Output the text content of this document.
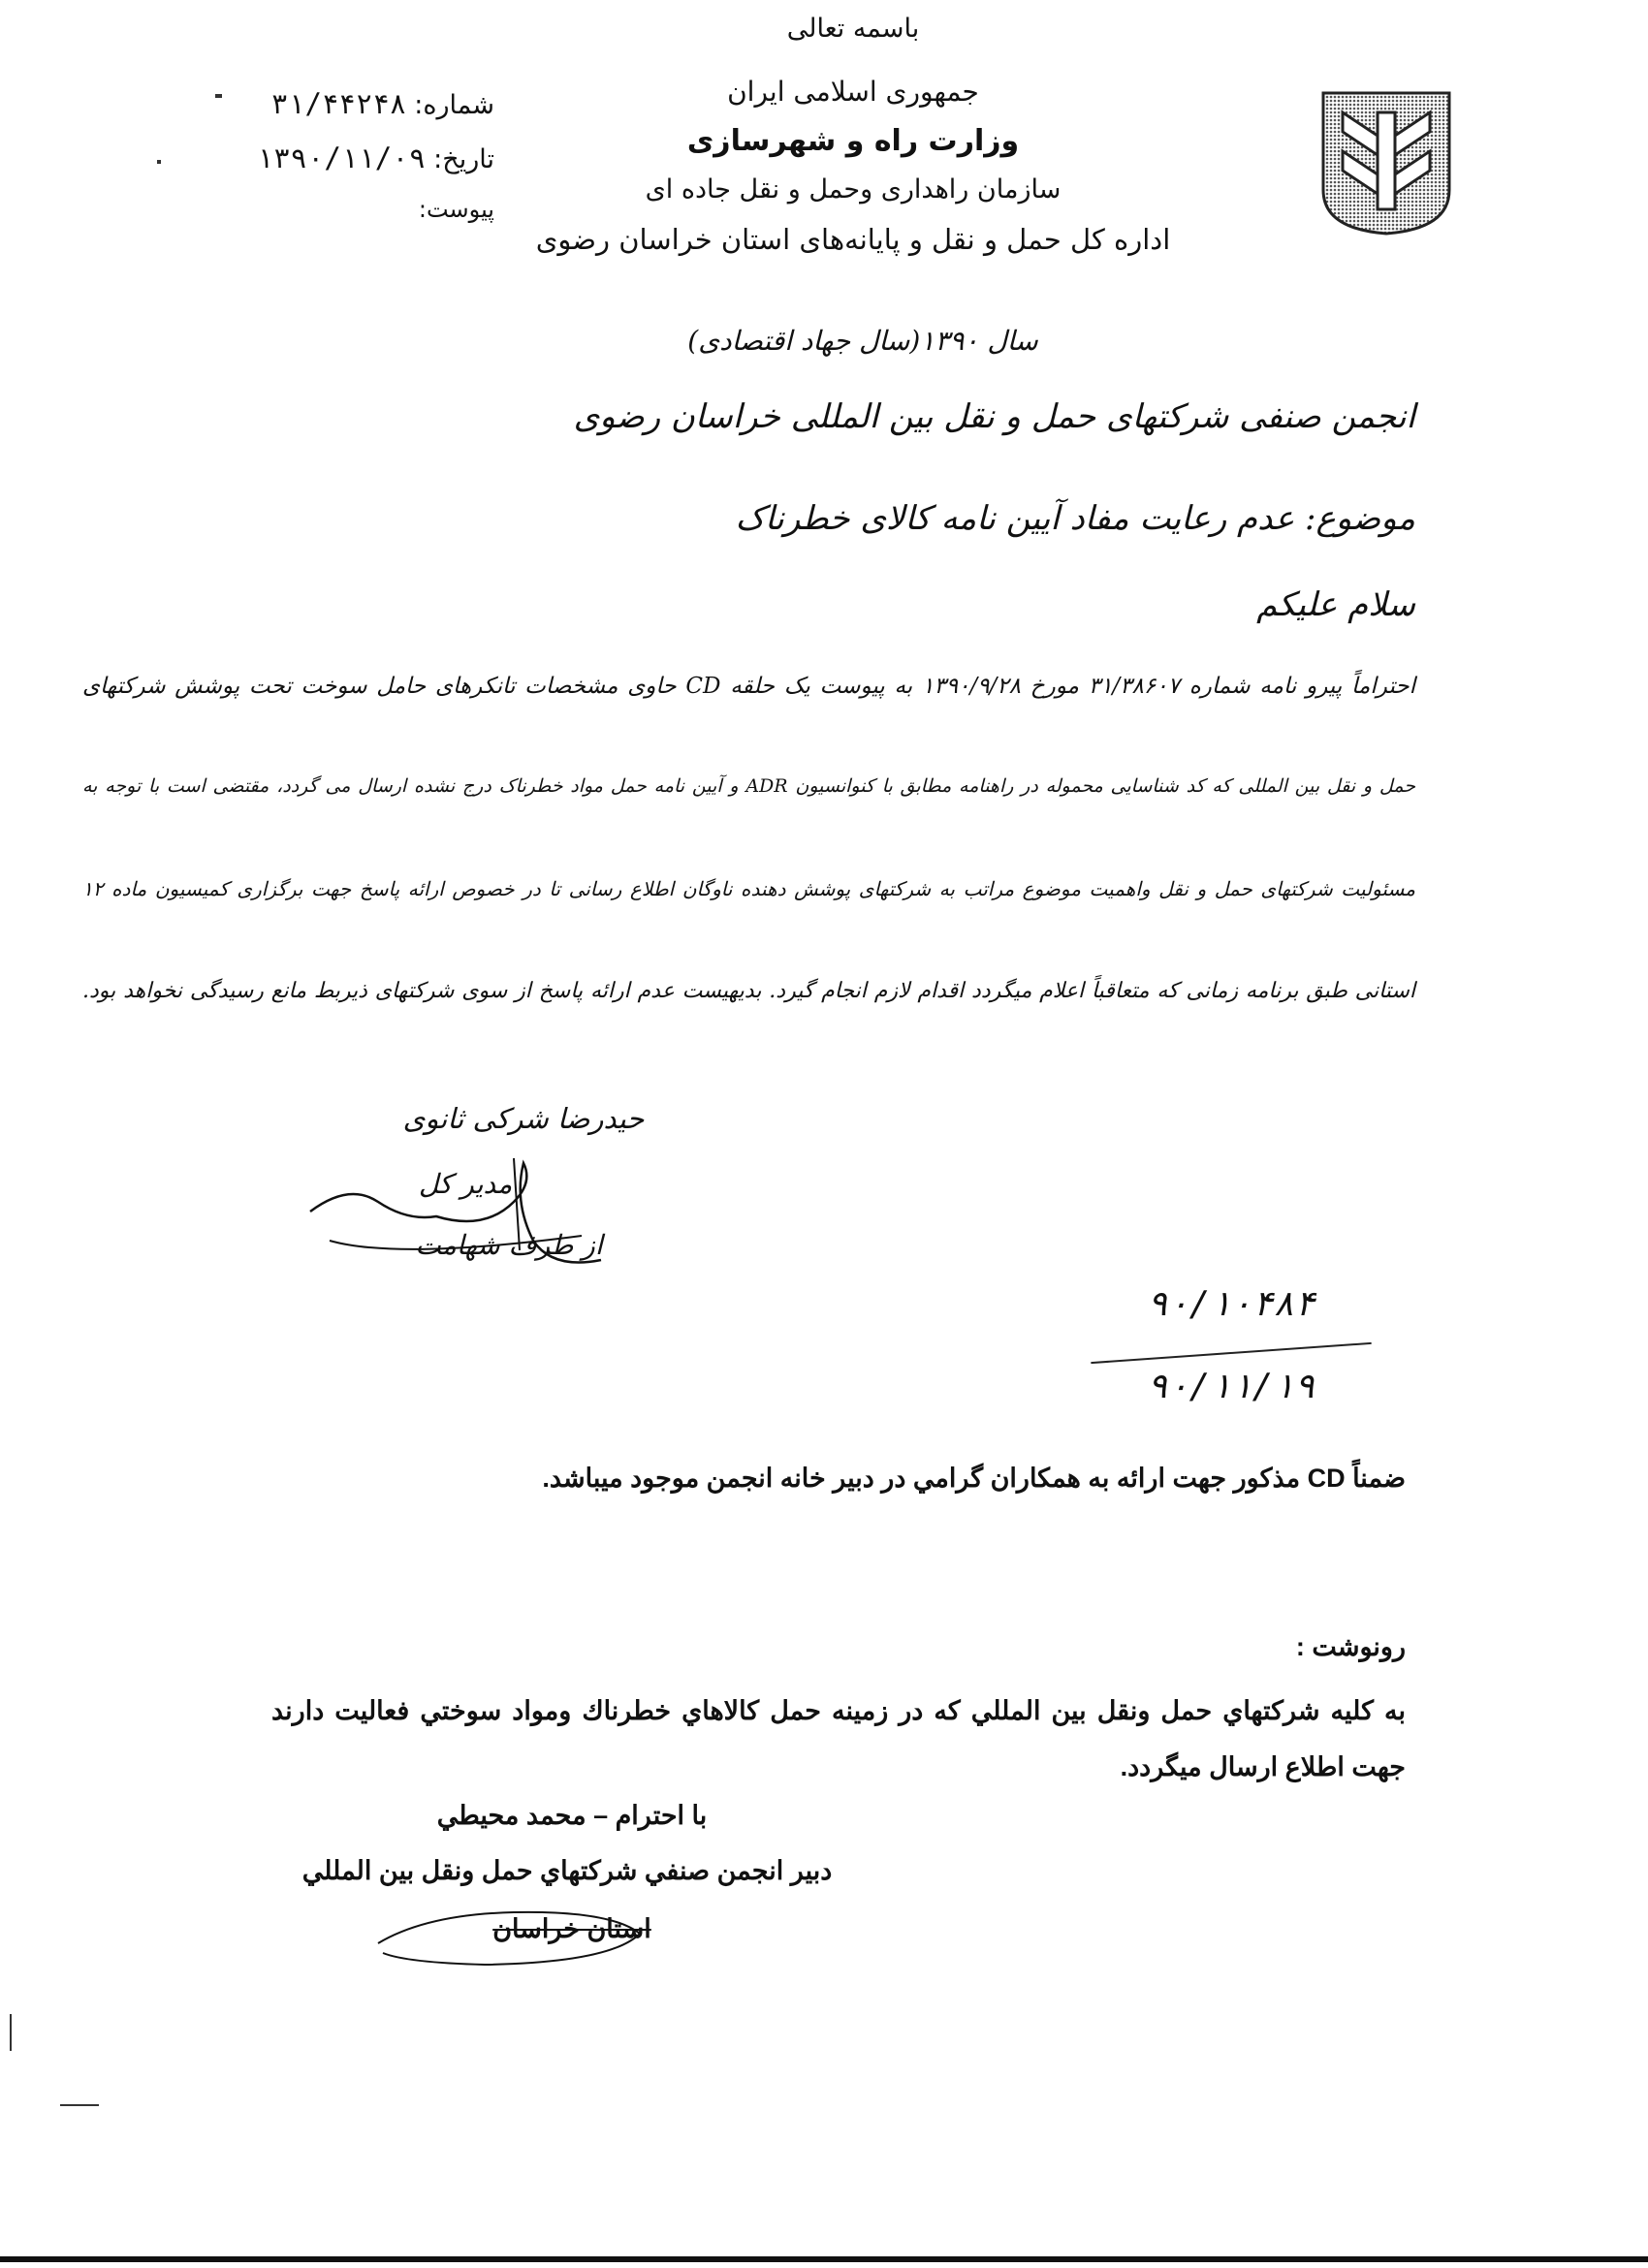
باسمه تعالی
جمهوری اسلامی ایران
وزارت راه و شهرسازی
سازمان راهداری وحمل و نقل جاده ای
اداره کل حمل و نقل و پایانه‌های استان خراسان رضوی
شماره:۳۱/۴۴۲۴۸
تاریخ:۱۳۹۰/۱۱/۰۹
پیوست:
سال ۱۳۹۰(سال جهاد اقتصادی)
انجمن صنفی شرکتهای حمل و نقل بین المللی خراسان رضوی
موضوع: عدم رعایت مفاد آیین نامه کالای خطرناک
سلام علیکم
احتراماً پیرو نامه شماره ۳۱/۳۸۶۰۷ مورخ ۱۳۹۰/۹/۲۸ به پیوست یک حلقه CD حاوی مشخصات تانکرهای حامل سوخت تحت پوشش شرکتهای
حمل و نقل بین المللی که کد شناسایی محموله در راهنامه مطابق با کنوانسیون ADR و آیین نامه حمل مواد خطرناک درج نشده ارسال می گردد، مقتضی است با توجه به
مسئولیت شرکتهای حمل و نقل واهمیت موضوع مراتب به شرکتهای پوشش دهنده ناوگان اطلاع رسانی تا در خصوص ارائه پاسخ جهت برگزاری کمیسیون ماده ۱۲
استانی طبق برنامه زمانی که متعاقباً اعلام میگردد اقدام لازم انجام گیرد. بدیهیست عدم ارائه پاسخ از سوی شرکتهای ذیربط مانع رسیدگی نخواهد بود.
حیدرضا شرکی ثانوی
مدیر کل
از طرف شهامت
۹۰/۱۰۴۸۴
۹۰/۱۱/۱۹
ضمناً CD مذکور جهت ارائه به همکاران گرامي در دبير خانه انجمن موجود ميباشد.
رونوشت :
به كليه شركتهاي حمل ونقل بين المللي كه در زمينه حمل كالاهاي خطرناك ومواد سوختي فعاليت دارند جهت اطلاع ارسال ميگردد.
با احترام – محمد محيطي
دبير انجمن صنفي شركتهاي حمل ونقل بين المللي
استان خراسان
